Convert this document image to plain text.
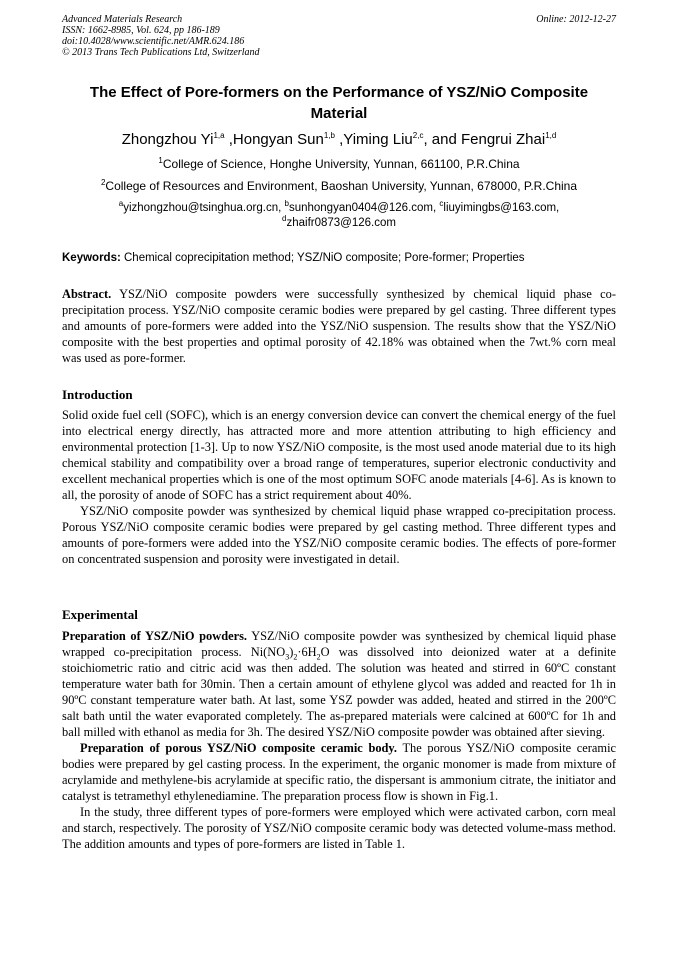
Advanced Materials Research
ISSN: 1662-8985, Vol. 624, pp 186-189
doi:10.4028/www.scientific.net/AMR.624.186
© 2013 Trans Tech Publications Ltd, Switzerland
Online: 2012-12-27
The Effect of Pore-formers on the Performance of YSZ/NiO Composite Material
Zhongzhou Yi$^{1,a}$ ,Hongyan Sun$^{1,b}$ ,Yiming Liu$^{2,c}$, and Fengrui Zhai$^{1,d}$
$^1$College of Science, Honghe University, Yunnan, 661100, P.R.China
$^2$College of Resources and Environment, Baoshan University, Yunnan, 678000, P.R.China
$^a$yizhongzhou@tsinghua.org.cn, $^b$sunhongyan0404@126.com, $^c$liuyimingbs@163.com,
$^d$zhaifr0873@126.com
Keywords: Chemical coprecipitation method; YSZ/NiO composite; Pore-former; Properties
Abstract. YSZ/NiO composite powders were successfully synthesized by chemical liquid phase co-precipitation process. YSZ/NiO composite ceramic bodies were prepared by gel casting. Three different types and amounts of pore-formers were added into the YSZ/NiO suspension. The results show that the YSZ/NiO composite with the best properties and optimal porosity of 42.18% was obtained when the 7wt.% corn meal was used as pore-former.
Introduction
Solid oxide fuel cell (SOFC), which is an energy conversion device can convert the chemical energy of the fuel into electrical energy directly, has attracted more and more attention attributing to high efficiency and environmental protection [1-3]. Up to now YSZ/NiO composite, is the most used anode material due to its high chemical stability and compatibility over a broad range of temperatures, superior electronic conductivity and excellent mechanical properties which is one of the most optimum SOFC anode materials [4-6]. As is known to all, the porosity of anode of SOFC has a strict requirement about 40%.
YSZ/NiO composite powder was synthesized by chemical liquid phase wrapped co-precipitation process. Porous YSZ/NiO composite ceramic bodies were prepared by gel casting method. Three different types and amounts of pore-formers were added into the YSZ/NiO composite ceramic bodies. The effects of pore-former on concentrated suspension and porosity were investigated in detail.
Experimental
Preparation of YSZ/NiO powders. YSZ/NiO composite powder was synthesized by chemical liquid phase wrapped co-precipitation process. $Ni(NO_3)_2\cdot 6H_2O$ was dissolved into deionized water at a definite stoichiometric ratio and citric acid was then added. The solution was heated and stirred in 60ºC constant temperature water bath for 30min. Then a certain amount of ethylene glycol was added and reacted for 1h in 90ºC constant temperature water bath. At last, some YSZ powder was added, heated and stirred in the 200ºC salt bath until the water evaporated completely. The as-prepared materials were calcined at 600ºC for 1h and ball milled with ethanol as media for 3h. The desired YSZ/NiO composite powder was obtained after sieving.
Preparation of porous YSZ/NiO composite ceramic body. The porous YSZ/NiO composite ceramic bodies were prepared by gel casting process. In the experiment, the organic monomer is made from mixture of acrylamide and methylene-bis acrylamide at specific ratio, the dispersant is ammonium citrate, the initiator and catalyst is tetramethyl ethylenediamine. The preparation process flow is shown in Fig.1.
In the study, three different types of pore-formers were employed which were activated carbon, corn meal and starch, respectively. The porosity of YSZ/NiO composite ceramic body was detected volume-mass method. The addition amounts and types of pore-formers are listed in Table 1.
